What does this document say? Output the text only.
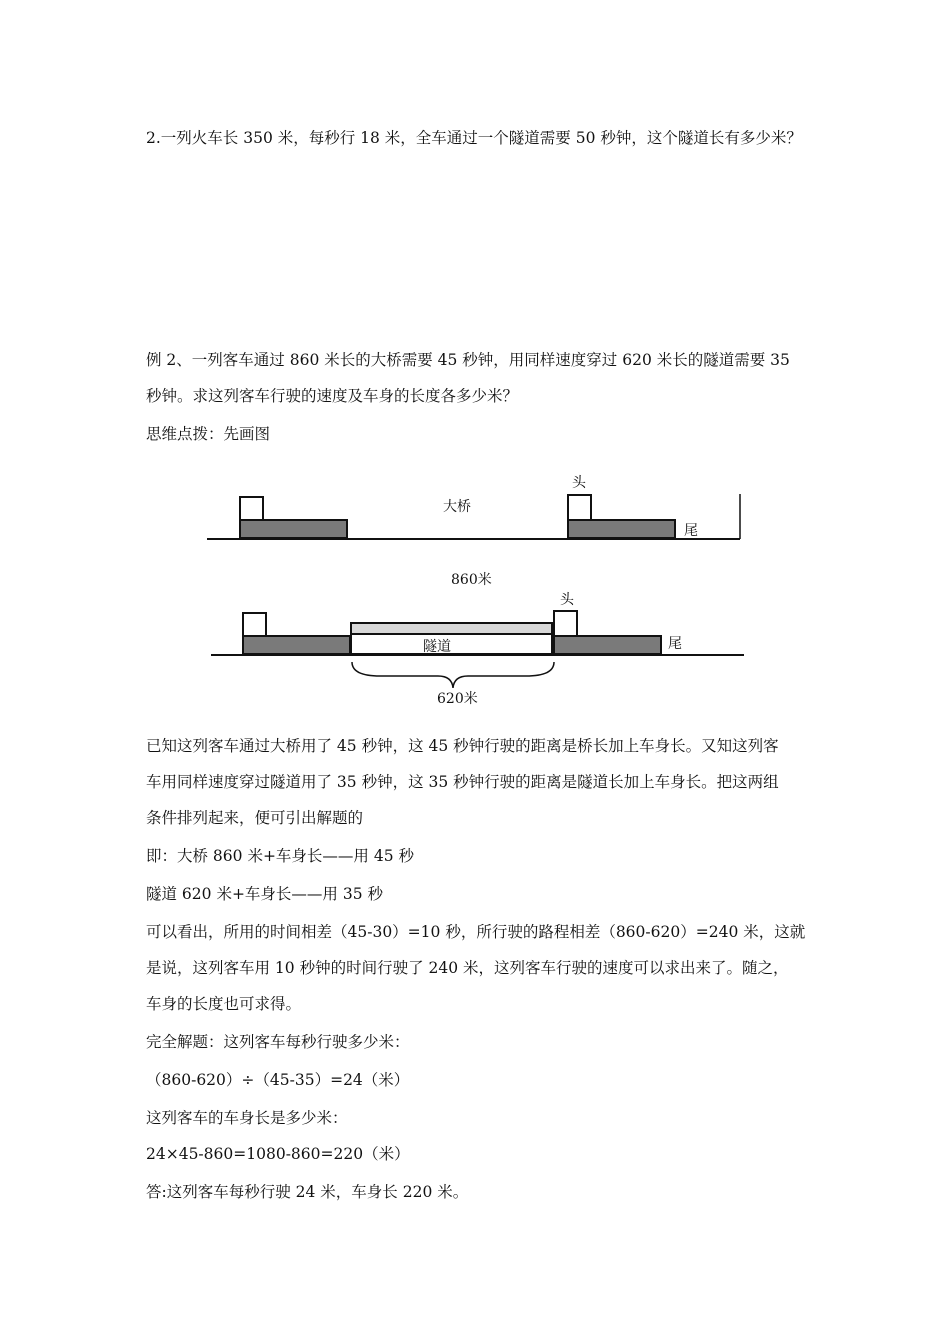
2.一列火车长 350 米，每秒行 18 米，全车通过一个隧道需要 50 秒钟，这个隧道长有多少米？
例 2、一列客车通过 860 米长的大桥需要 45 秒钟，用同样速度穿过 620 米长的隧道需要 35
秒钟。求这列客车行驶的速度及车身的长度各多少米？
思维点拨：先画图
大桥
头
尾
860米
隧道
头
尾
620米
已知这列客车通过大桥用了 45 秒钟，这 45 秒钟行驶的距离是桥长加上车身长。又知这列客
车用同样速度穿过隧道用了 35 秒钟，这 35 秒钟行驶的距离是隧道长加上车身长。把这两组
条件排列起来，便可引出解题的
即：大桥 860 米+车身长——用 45 秒
隧道 620 米+车身长——用 35 秒
可以看出，所用的时间相差（45-30）=10 秒，所行驶的路程相差（860-620）=240 米，这就
是说，这列客车用 10 秒钟的时间行驶了 240 米，这列客车行驶的速度可以求出来了。随之，
车身的长度也可求得。
完全解题：这列客车每秒行驶多少米：
（860-620）÷（45-35）=24（米）
这列客车的车身长是多少米：
24×45-860=1080-860=220（米）
答:这列客车每秒行驶 24 米，车身长 220 米。
